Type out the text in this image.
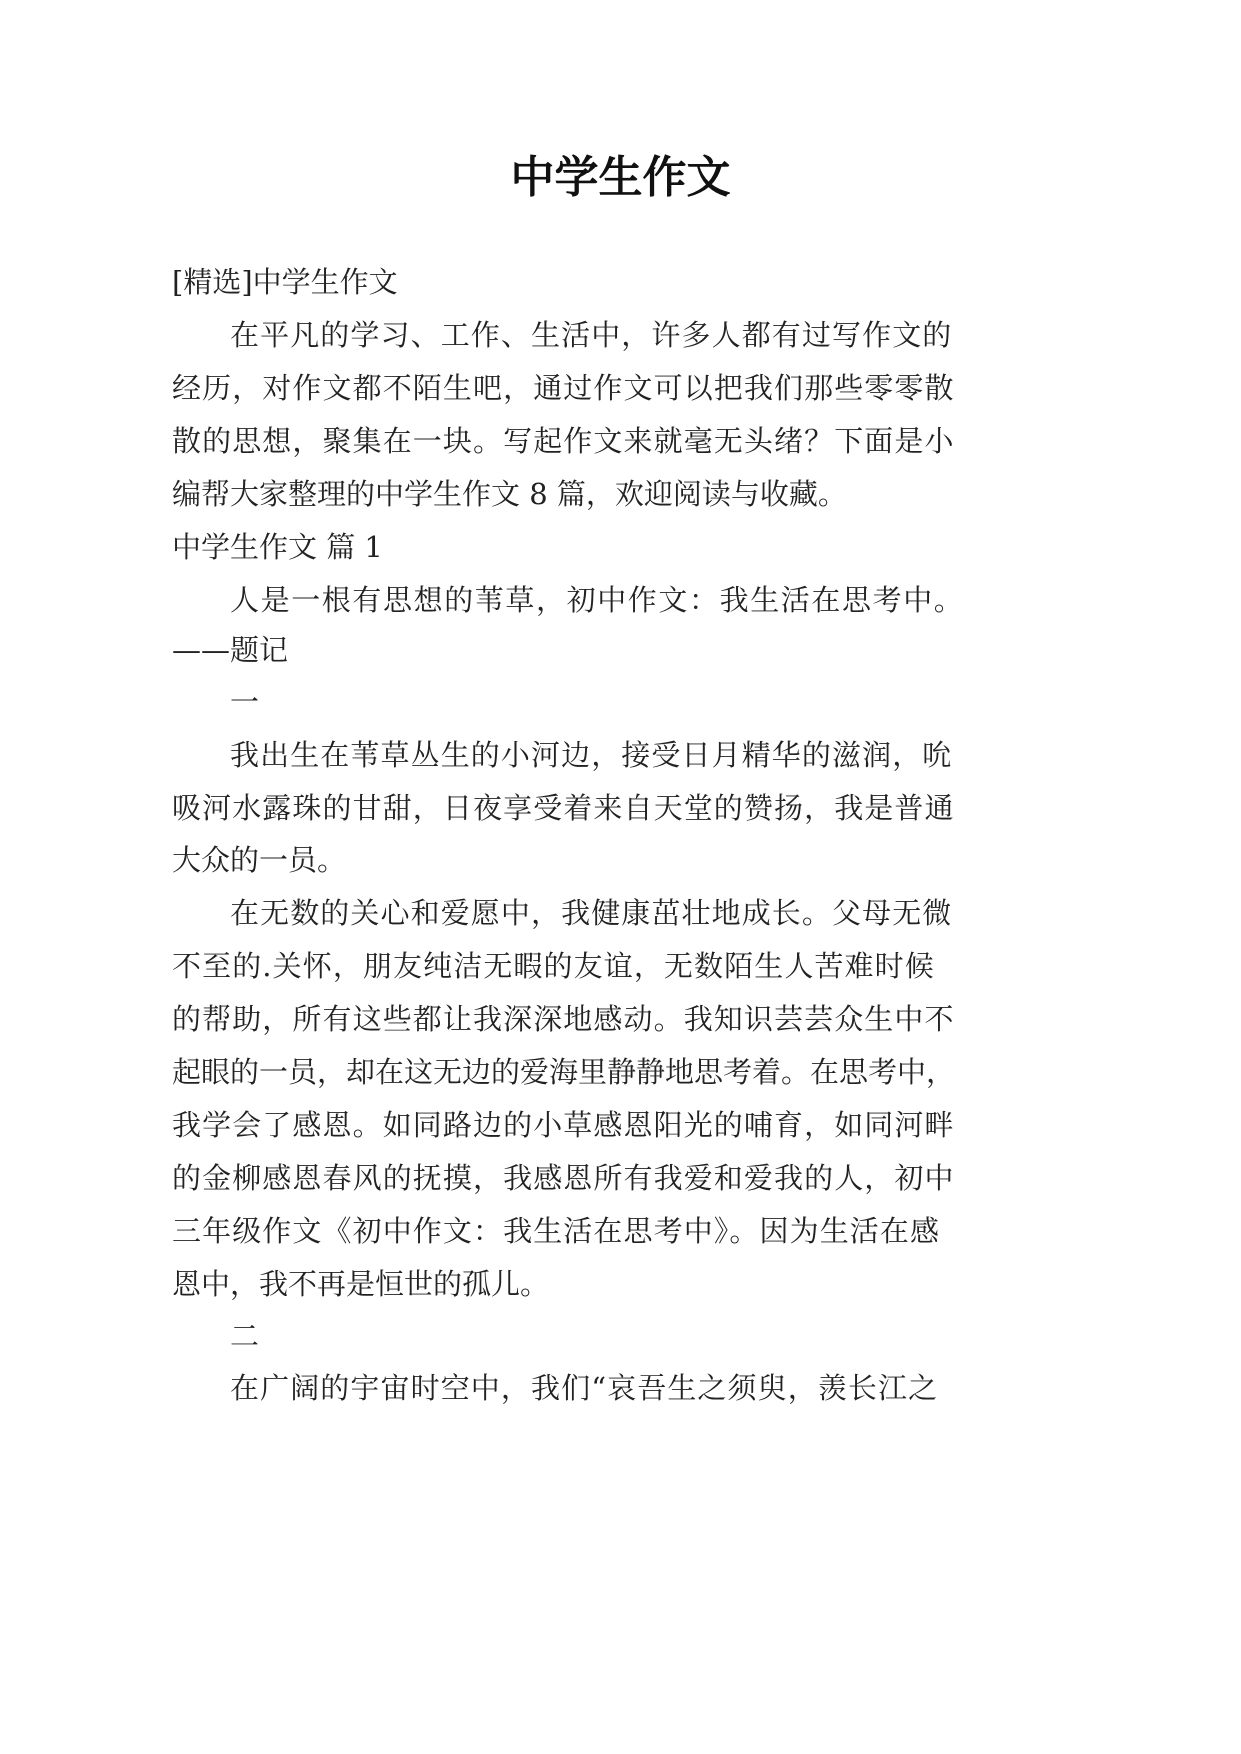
中学生作文
[精选]中学生作文
在平凡的学习、工作、生活中，许多人都有过写作文的
经历，对作文都不陌生吧，通过作文可以把我们那些零零散
散的思想，聚集在一块。写起作文来就毫无头绪？下面是小
编帮大家整理的中学生作文 8 篇，欢迎阅读与收藏。
中学生作文 篇 1
人是一根有思想的苇草，初中作文：我生活在思考中。
——题记
一
我出生在苇草丛生的小河边，接受日月精华的滋润，吮
吸河水露珠的甘甜，日夜享受着来自天堂的赞扬，我是普通
大众的一员。
在无数的关心和爱愿中，我健康茁壮地成长。父母无微
不至的.关怀，朋友纯洁无暇的友谊，无数陌生人苦难时候
的帮助，所有这些都让我深深地感动。我知识芸芸众生中不
起眼的一员，却在这无边的爱海里静静地思考着。在思考中，
我学会了感恩。如同路边的小草感恩阳光的哺育，如同河畔
的金柳感恩春风的抚摸，我感恩所有我爱和爱我的人，初中
三年级作文《初中作文：我生活在思考中》。因为生活在感
恩中，我不再是恒世的孤儿。
二
在广阔的宇宙时空中，我们“哀吾生之须臾，羡长江之
